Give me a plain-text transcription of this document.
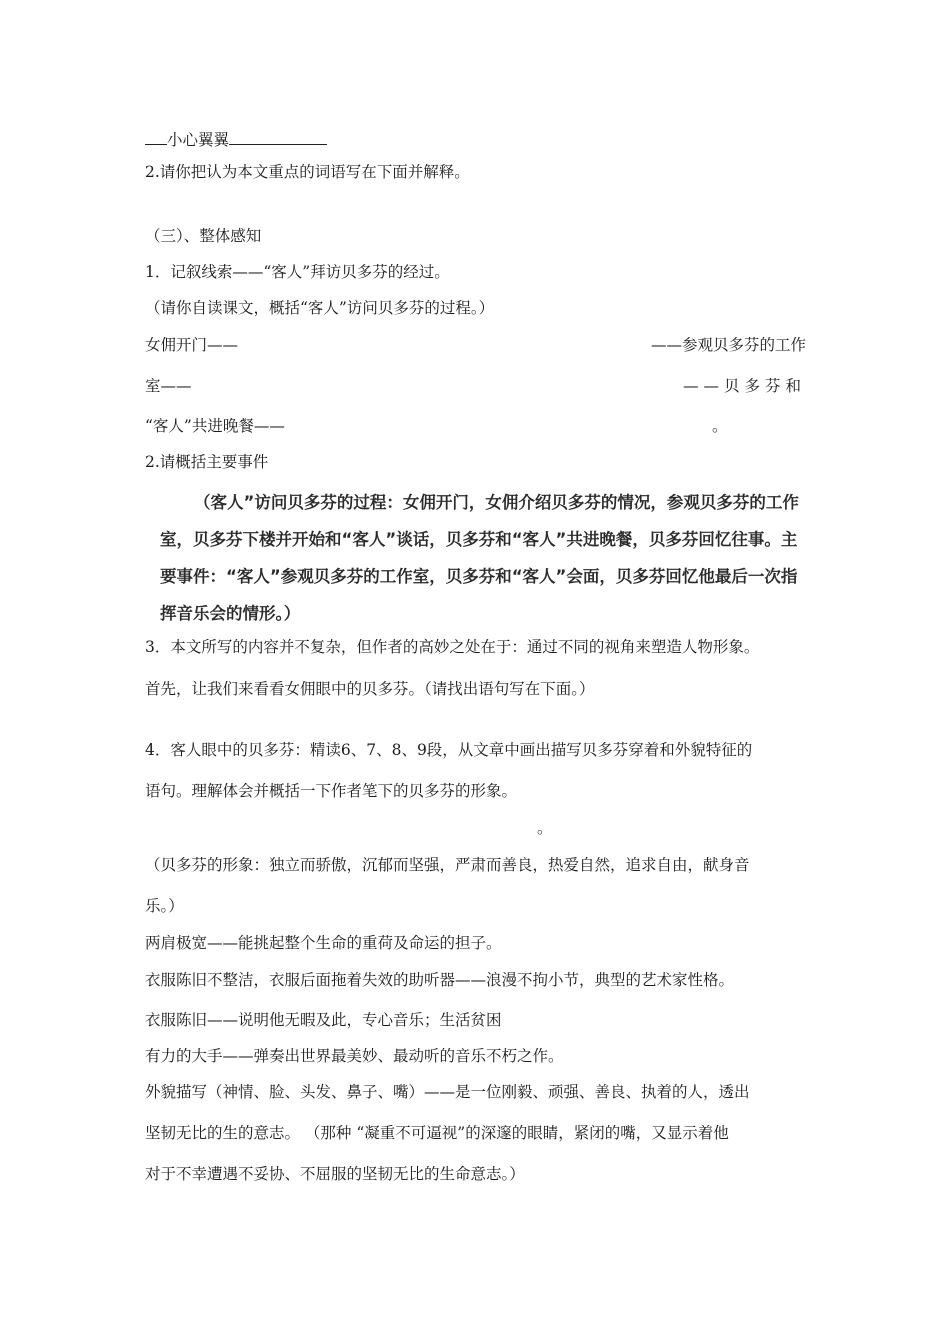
小心翼翼
2.请你把认为本文重点的词语写在下面并解释。
（三）、整体感知
1．记叙线索——“客人”拜访贝多芬的经过。
（请你自读课文，概括“客人”访问贝多芬的过程。）
女佣开门——	——参观贝多芬的工作
室——	——贝多芬和
“客人”共进晚餐——	。
2.请概括主要事件
（客人”访问贝多芬的过程：女佣开门，女佣介绍贝多芬的情况，参观贝多芬的工作
室，贝多芬下楼并开始和“客人”谈话，贝多芬和“客人”共进晚餐，贝多芬回忆往事。主
要事件：“客人”参观贝多芬的工作室，贝多芬和“客人”会面，贝多芬回忆他最后一次指
挥音乐会的情形。）
3．本文所写的内容并不复杂，但作者的高妙之处在于：通过不同的视角来塑造人物形象。
首先，让我们来看看女佣眼中的贝多芬。（请找出语句写在下面。）
4．客人眼中的贝多芬：精读6、7、8、9段，从文章中画出描写贝多芬穿着和外貌特征的
语句。理解体会并概括一下作者笔下的贝多芬的形象。
。
（贝多芬的形象：独立而骄傲，沉郁而坚强，严肃而善良，热爱自然，追求自由，献身音
乐。）
两肩极宽——能挑起整个生命的重荷及命运的担子。
衣服陈旧不整洁，衣服后面拖着失效的助听器——浪漫不拘小节，典型的艺术家性格。
衣服陈旧——说明他无暇及此，专心音乐；生活贫困
有力的大手——弹奏出世界最美妙、最动听的音乐不朽之作。
外貌描写（神情、脸、头发、鼻子、嘴）——是一位刚毅、顽强、善良、执着的人，透出
坚韧无比的生的意志。 （那种 “凝重不可逼视”的深邃的眼睛，紧闭的嘴，又显示着他
对于不幸遭遇不妥协、不屈服的坚韧无比的生命意志。）
